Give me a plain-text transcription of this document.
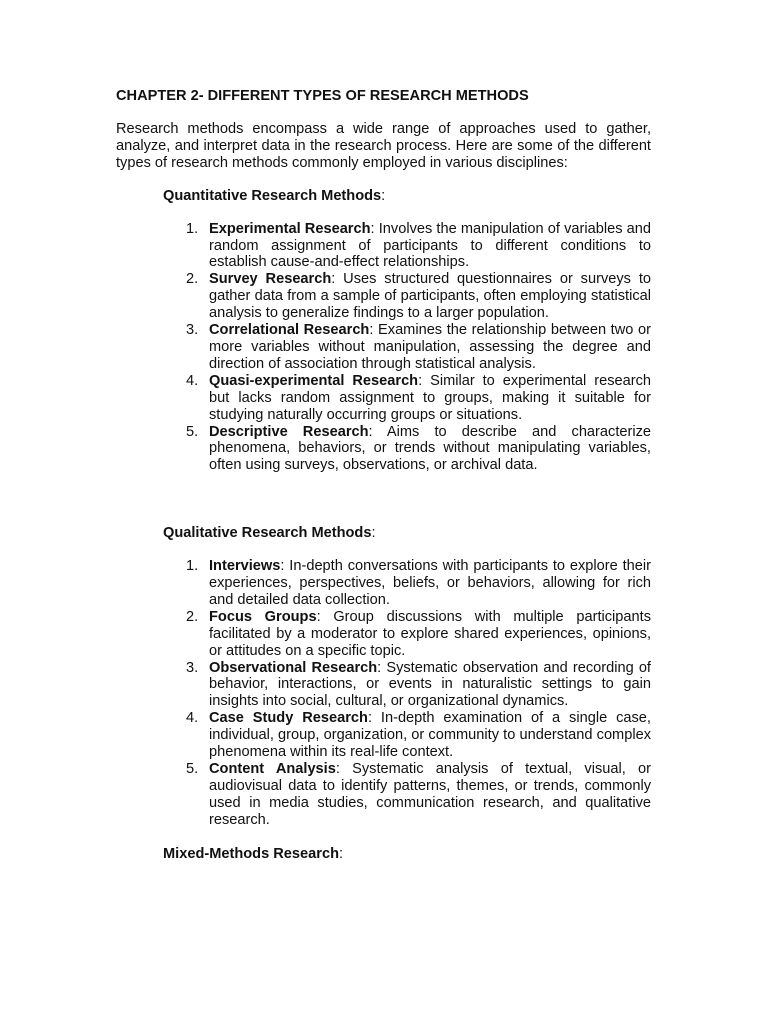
CHAPTER 2- DIFFERENT TYPES OF RESEARCH METHODS

Research methods encompass a wide range of approaches used to gather, analyze, and interpret data in the research process. Here are some of the different types of research methods commonly employed in various disciplines:

Quantitative Research Methods:

1. Experimental Research: Involves the manipulation of variables and random assignment of participants to different conditions to establish cause-and-effect relationships.
2. Survey Research: Uses structured questionnaires or surveys to gather data from a sample of participants, often employing statistical analysis to generalize findings to a larger population.
3. Correlational Research: Examines the relationship between two or more variables without manipulation, assessing the degree and direction of association through statistical analysis.
4. Quasi-experimental Research: Similar to experimental research but lacks random assignment to groups, making it suitable for studying naturally occurring groups or situations.
5. Descriptive Research: Aims to describe and characterize phenomena, behaviors, or trends without manipulating variables, often using surveys, observations, or archival data.

Qualitative Research Methods:

1. Interviews: In-depth conversations with participants to explore their experiences, perspectives, beliefs, or behaviors, allowing for rich and detailed data collection.
2. Focus Groups: Group discussions with multiple participants facilitated by a moderator to explore shared experiences, opinions, or attitudes on a specific topic.
3. Observational Research: Systematic observation and recording of behavior, interactions, or events in naturalistic settings to gain insights into social, cultural, or organizational dynamics.
4. Case Study Research: In-depth examination of a single case, individual, group, organization, or community to understand complex phenomena within its real-life context.
5. Content Analysis: Systematic analysis of textual, visual, or audiovisual data to identify patterns, themes, or trends, commonly used in media studies, communication research, and qualitative research.

Mixed-Methods Research:
